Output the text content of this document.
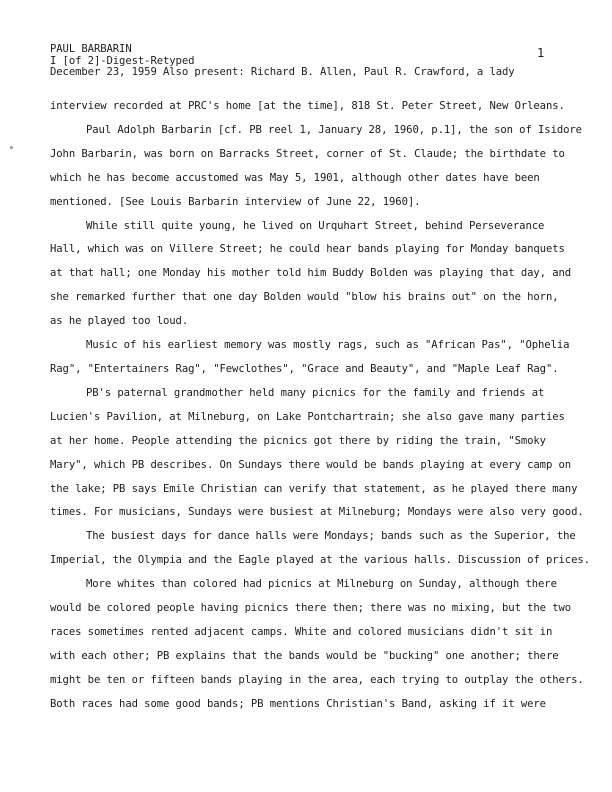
PAUL BARBARIN
I [of 2]-Digest-Retyped
December 23, 1959 Also present: Richard B. Allen, Paul R. Crawford, a lady
1
interview recorded at PRC's home [at the time], 818 St. Peter Street, New Orleans.
Paul Adolph Barbarin [cf. PB reel 1, January 28, 1960, p.1], the son of Isidore
John Barbarin, was born on Barracks Street, corner of St. Claude; the birthdate to
which he has become accustomed was May 5, 1901, although other dates have been
mentioned. [See Louis Barbarin interview of June 22, 1960].
While still quite young, he lived on Urquhart Street, behind Perseverance
Hall, which was on Villere Street; he could hear bands playing for Monday banquets
at that hall; one Monday his mother told him Buddy Bolden was playing that day, and
she remarked further that one day Bolden would "blow his brains out" on the horn,
as he played too loud.
Music of his earliest memory was mostly rags, such as "African Pas", "Ophelia
Rag", "Entertainers Rag", "Fewclothes", "Grace and Beauty", and "Maple Leaf Rag".
PB's paternal grandmother held many picnics for the family and friends at
Lucien's Pavilion, at Milneburg, on Lake Pontchartrain; she also gave many parties
at her home. People attending the picnics got there by riding the train, "Smoky
Mary", which PB describes. On Sundays there would be bands playing at every camp on
the lake; PB says Emile Christian can verify that statement, as he played there many
times. For musicians, Sundays were busiest at Milneburg; Mondays were also very good.
The busiest days for dance halls were Mondays; bands such as the Superior, the
Imperial, the Olympia and the Eagle played at the various halls. Discussion of prices.
More whites than colored had picnics at Milneburg on Sunday, although there
would be colored people having picnics there then; there was no mixing, but the two
races sometimes rented adjacent camps. White and colored musicians didn't sit in
with each other; PB explains that the bands would be "bucking" one another; there
might be ten or fifteen bands playing in the area, each trying to outplay the others.
Both races had some good bands; PB mentions Christian's Band, asking if it were
